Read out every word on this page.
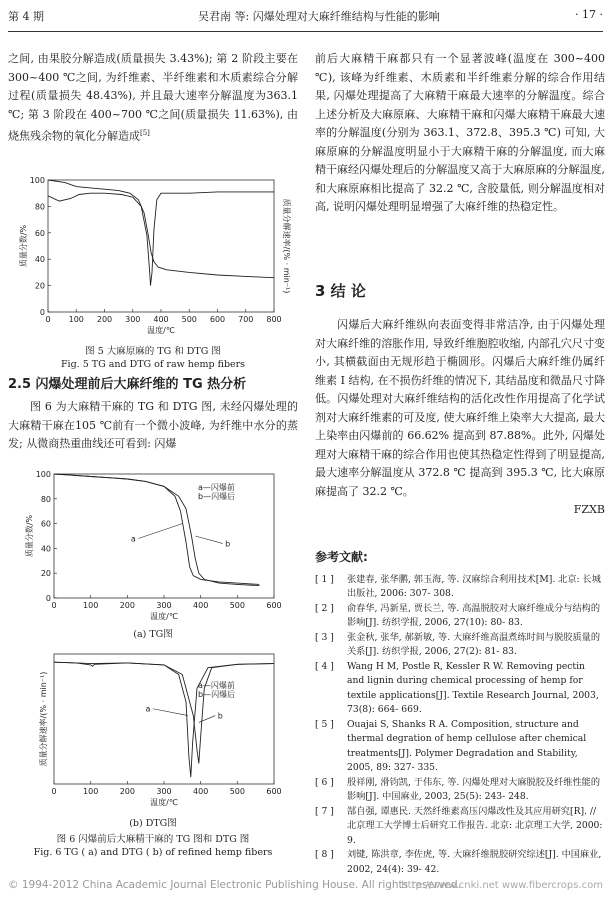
第 4 期	吴君南 等: 闪爆处理对大麻纤维结构与性能的影响	· 17 ·

之间, 由果胶分解造成(质量损失 3.43%); 第 2 阶段主要在 300~400 ℃之间, 为纤维素、半纤维素和木质素综合分解过程(质量损失 48.43%), 并且最大速率分解温度为363.1 ℃; 第 3 阶段在 400~700 ℃之间(质量损失 11.63%), 由烧焦残余物的氧化分解造成[5]

0 100 200 300 400 500 600 700 800
0
20
40
60
80
100
温度/℃
质量分数/%	质量分解速率/(% · min⁻¹)
图 5 大麻原麻的 TG 和 DTG 图
Fig. 5 TG and DTG of raw hemp fibers

2.5 闪爆处理前后大麻纤维的 TG 热分析

图 6 为大麻精干麻的 TG 和 DTG 图, 未经闪爆处理的大麻精干麻在105 ℃前有一个微小波峰, 为纤维中水分的蒸发; 从微商热重曲线还可看到: 闪爆

0	100	200	300	400	500	600
0
20
40
60
80
100
温度/℃
质量分数/%
a—闪爆前
b—闪爆后
a
b
(a) TG图
0	100	200	300	400	500	600
温度/℃
质量分解速率/(% · min⁻¹)	a—闪爆前
b—闪爆后
a
b
(b) DTG图
图 6 闪爆前后大麻精干麻的 TG 图和 DTG 图
Fig. 6 TG ( a) and DTG ( b) of refined hemp fibers

前后大麻精干麻都只有一个显著波峰(温度在 300~400 ℃), 该峰为纤维素、木质素和半纤维素分解的综合作用结果, 闪爆处理提高了大麻精干麻最大速率的分解温度。综合上述分析及大麻原麻、大麻精干麻和闪爆大麻精干麻最大速率的分解温度(分别为 363.1、372.8、395.3 ℃) 可知, 大麻原麻的分解温度明显小于大麻精干麻的分解温度, 而大麻精干麻经闪爆处理后的分解温度又高于大麻原麻的分解温度, 和大麻原麻相比提高了 32.2 ℃, 含胶量低, 则分解温度相对高, 说明闪爆处理明显增强了大麻纤维的热稳定性。

3 结 论

闪爆后大麻纤维纵向表面变得非常洁净, 由于闪爆处理对大麻纤维的溶胀作用, 导致纤维胞腔收缩, 内部孔穴尺寸变小, 其横截面由无规形趋于椭圆形。闪爆后大麻纤维仍属纤维素 I 结构, 在不损伤纤维的情况下, 其结晶度和微晶尺寸降低。闪爆处理对大麻纤维结构的活化改性作用提高了化学试剂对大麻纤维素的可及度, 使大麻纤维上染率大大提高, 最大上染率由闪爆前的 66.62% 提高到 87.88%。此外, 闪爆处理对大麻精干麻的综合作用也使其热稳定性得到了明显提高, 最大速率分解温度从 372.8 ℃ 提高到 395.3 ℃, 比大麻原麻提高了 32.2 ℃。

FZXB

参考文献:

[ 1 ] 张建春, 张华鹏, 郭玉海, 等. 汉麻综合利用技术[M]. 北京: 长城出版社, 2006: 307- 308.

[ 2 ] 俞春华, 冯新星, 贾长兰, 等. 高温脱胶对大麻纤维成分与结构的影响[J]. 纺织学报, 2006, 27(10): 80- 83.

[ 3 ] 张金秋, 张华, 郝新敏, 等. 大麻纤维高温煮练时间与脱胶质量的关系[J]. 纺织学报, 2006, 27(2): 81- 83.

[ 4 ] Wang H M, Postle R, Kessler R W. Removing pectin and lignin during chemical processing of hemp for textile applications[J]. Textile Research Journal, 2003, 73(8): 664- 669.

[ 5 ] Ouajai S, Shanks R A. Composition, structure and thermal degration of hemp cellulose after chemical treatments[J]. Polymer Degradation and Stability, 2005, 89: 327- 335.

[ 6 ] 殷祥刚, 滑钧凯, 于伟东, 等. 闪爆处理对大麻脱胶及纤维性能的影响[J]. 中国麻业, 2003, 25(5): 243- 248.

[ 7 ] 郜自强, 谭惠民. 天然纤维素高压闪爆改性及其应用研究[R]. // 北京理工大学博士后研究工作报告. 北京: 北京理工大学, 2000: 9.

[ 8 ] 刘键, 陈洪章, 李佐虎, 等. 大麻纤维脱胶研究综述[J]. 中国麻业, 2002, 24(4): 39- 42.

© 1994-2012 China Academic Journal Electronic Publishing House. All rights reserved.
http://www.cnki.net www.fibercrops.com
